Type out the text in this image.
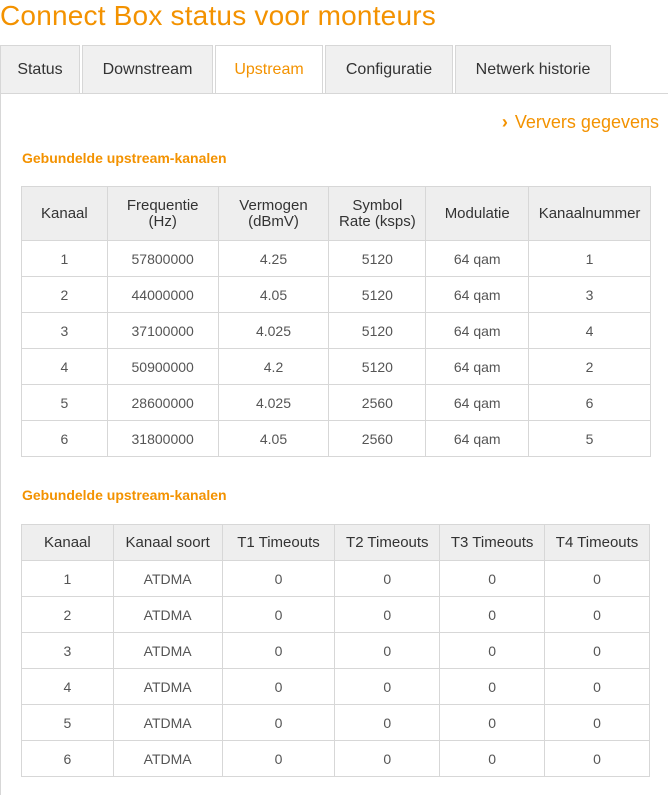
Connect Box status voor monteurs
Status	Downstream	Upstream	Configuratie	Netwerk historie
› Ververs gegevens
Gebundelde upstream-kanalen
Kanaal	Frequentie (Hz)	Vermogen (dBmV)	Symbol Rate (ksps)	Modulatie	Kanaalnummer
1	57800000	4.25	5120	64 qam	1
2	44000000	4.05	5120	64 qam	3
3	37100000	4.025	5120	64 qam	4
4	50900000	4.2	5120	64 qam	2
5	28600000	4.025	2560	64 qam	6
6	31800000	4.05	2560	64 qam	5
Gebundelde upstream-kanalen
Kanaal	Kanaal soort	T1 Timeouts	T2 Timeouts	T3 Timeouts	T4 Timeouts
1	ATDMA	0	0	0	0
2	ATDMA	0	0	0	0
3	ATDMA	0	0	0	0
4	ATDMA	0	0	0	0
5	ATDMA	0	0	0	0
6	ATDMA	0	0	0	0
